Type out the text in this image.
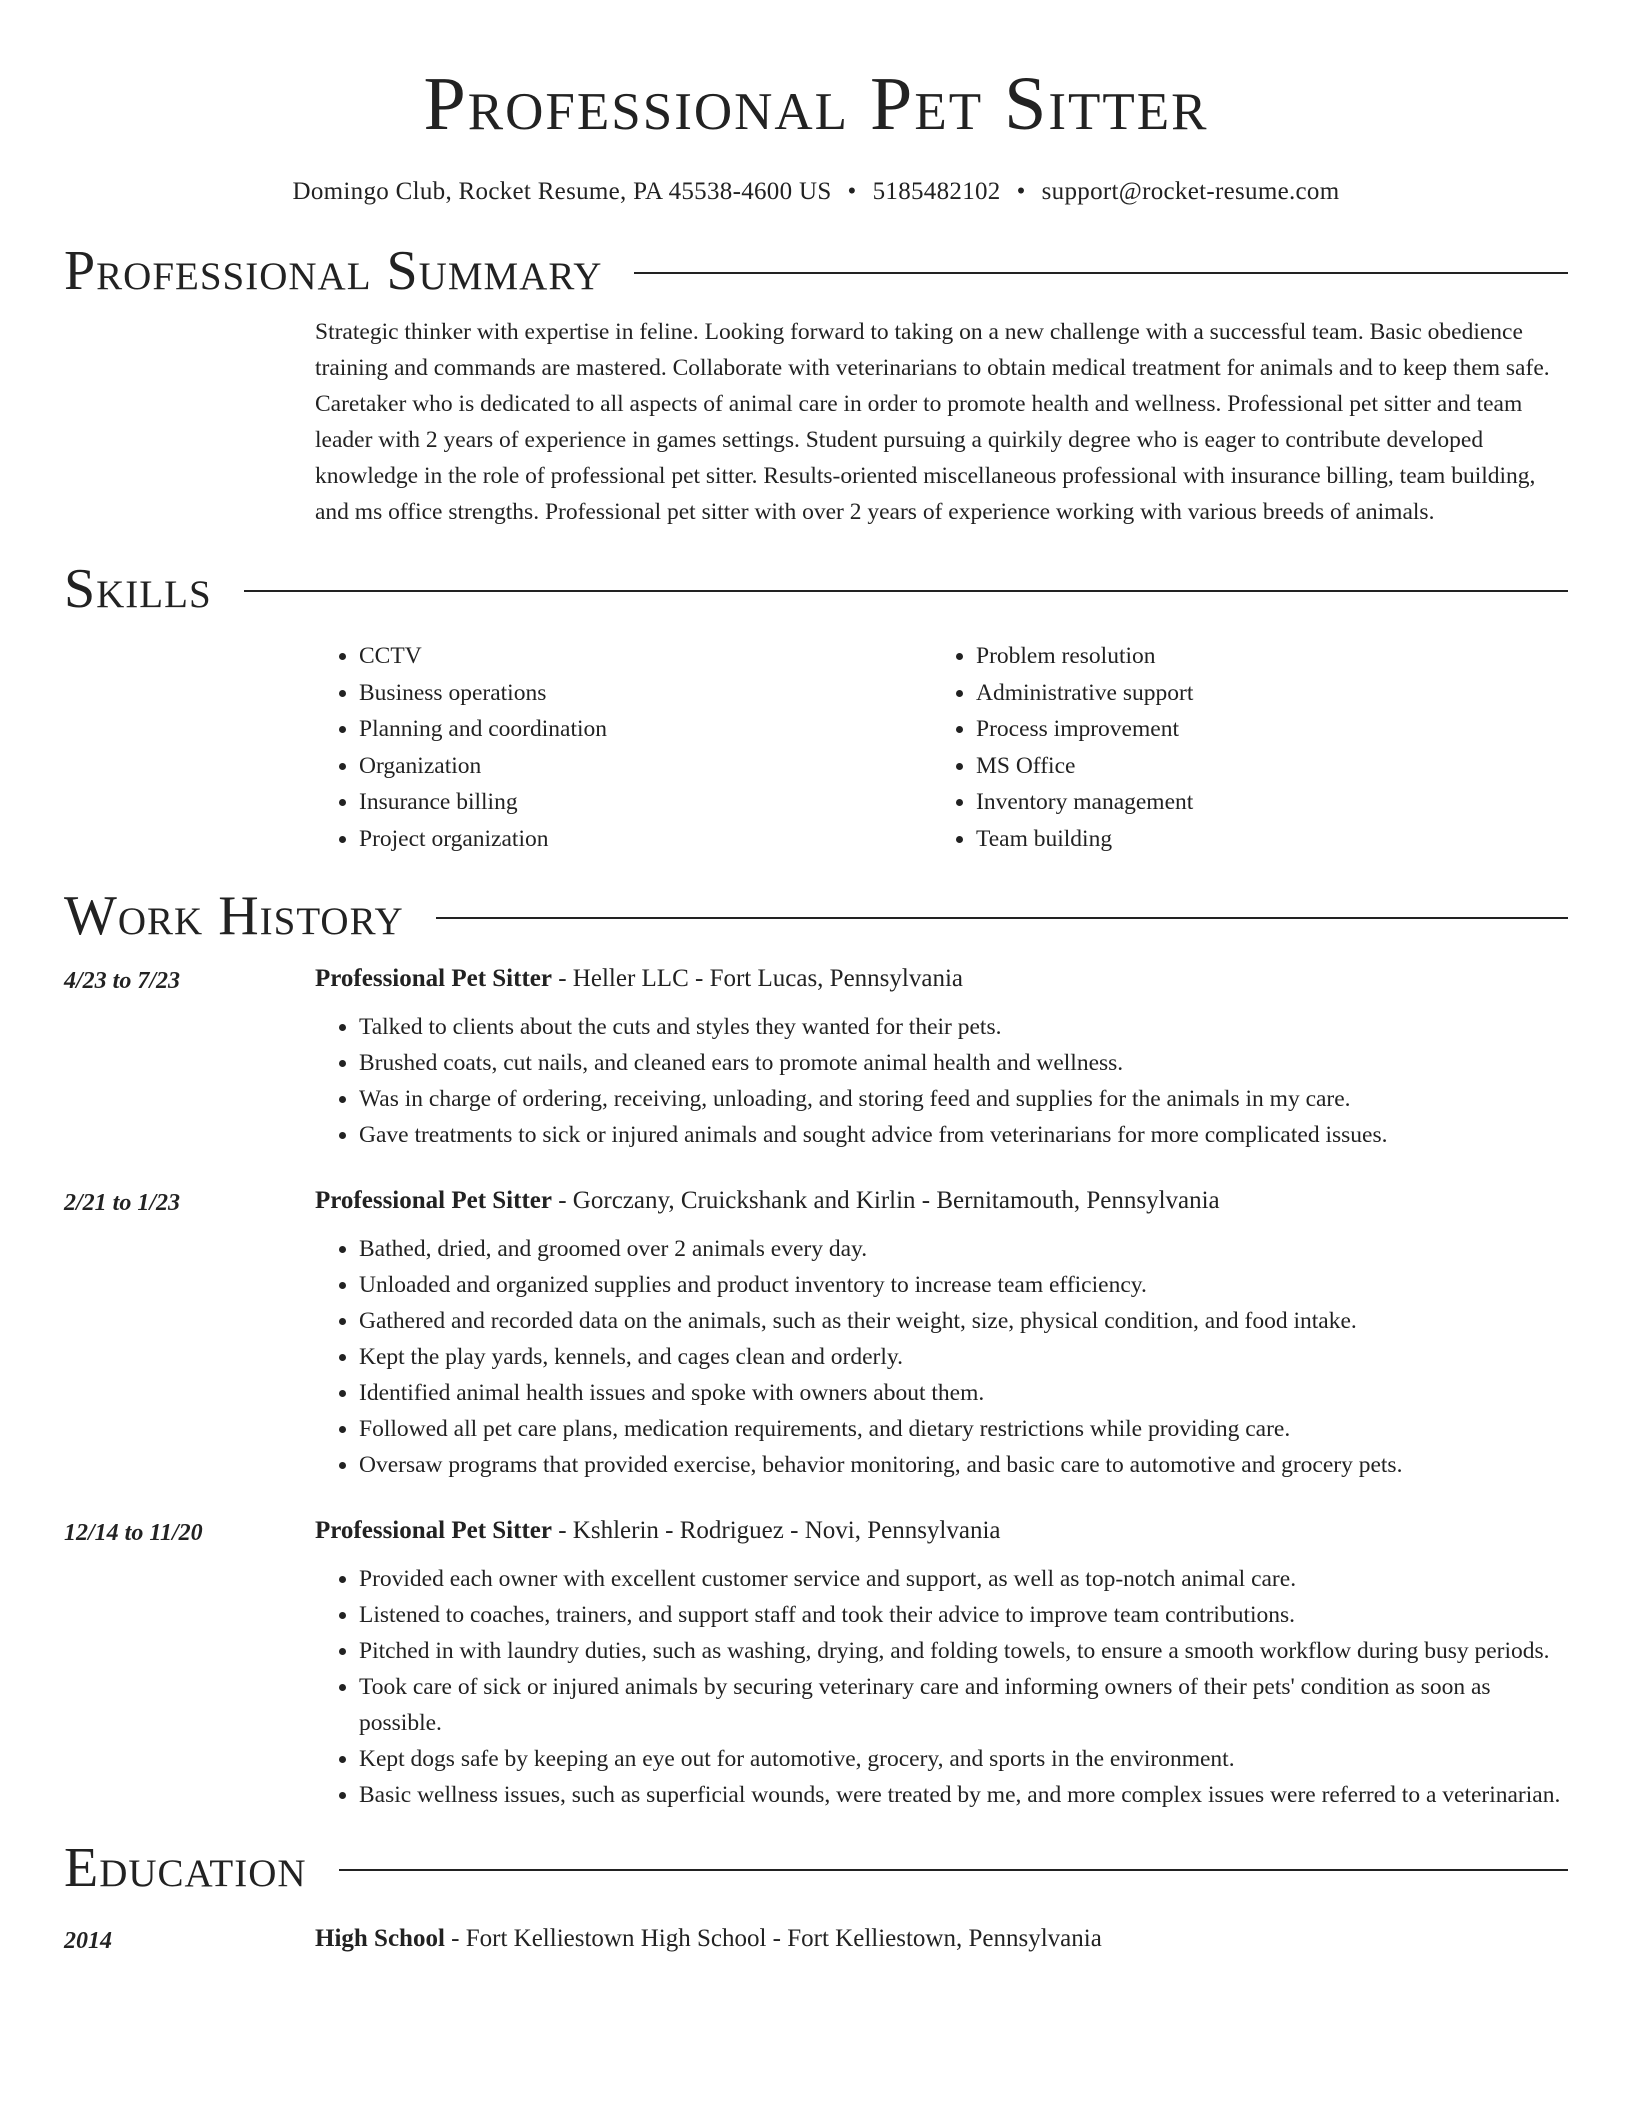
Professional Pet Sitter
Domingo Club, Rocket Resume, PA 45538-4600 US • 5185482102 • support@rocket-resume.com
Professional Summary
Strategic thinker with expertise in feline. Looking forward to taking on a new challenge with a successful team. Basic obedience training and commands are mastered. Collaborate with veterinarians to obtain medical treatment for animals and to keep them safe. Caretaker who is dedicated to all aspects of animal care in order to promote health and wellness. Professional pet sitter and team leader with 2 years of experience in games settings. Student pursuing a quirkily degree who is eager to contribute developed knowledge in the role of professional pet sitter. Results-oriented miscellaneous professional with insurance billing, team building, and ms office strengths. Professional pet sitter with over 2 years of experience working with various breeds of animals.
Skills
• CCTV
• Business operations
• Planning and coordination
• Organization
• Insurance billing
• Project organization
• Problem resolution
• Administrative support
• Process improvement
• MS Office
• Inventory management
• Team building
Work History
4/23 to 7/23	Professional Pet Sitter - Heller LLC - Fort Lucas, Pennsylvania
• Talked to clients about the cuts and styles they wanted for their pets.
• Brushed coats, cut nails, and cleaned ears to promote animal health and wellness.
• Was in charge of ordering, receiving, unloading, and storing feed and supplies for the animals in my care.
• Gave treatments to sick or injured animals and sought advice from veterinarians for more complicated issues.
2/21 to 1/23	Professional Pet Sitter - Gorczany, Cruickshank and Kirlin - Bernitamouth, Pennsylvania
• Bathed, dried, and groomed over 2 animals every day.
• Unloaded and organized supplies and product inventory to increase team efficiency.
• Gathered and recorded data on the animals, such as their weight, size, physical condition, and food intake.
• Kept the play yards, kennels, and cages clean and orderly.
• Identified animal health issues and spoke with owners about them.
• Followed all pet care plans, medication requirements, and dietary restrictions while providing care.
• Oversaw programs that provided exercise, behavior monitoring, and basic care to automotive and grocery pets.
12/14 to 11/20	Professional Pet Sitter - Kshlerin - Rodriguez - Novi, Pennsylvania
• Provided each owner with excellent customer service and support, as well as top-notch animal care.
• Listened to coaches, trainers, and support staff and took their advice to improve team contributions.
• Pitched in with laundry duties, such as washing, drying, and folding towels, to ensure a smooth workflow during busy periods.
• Took care of sick or injured animals by securing veterinary care and informing owners of their pets' condition as soon as possible.
• Kept dogs safe by keeping an eye out for automotive, grocery, and sports in the environment.
• Basic wellness issues, such as superficial wounds, were treated by me, and more complex issues were referred to a veterinarian.
Education
2014	High School - Fort Kelliestown High School - Fort Kelliestown, Pennsylvania
